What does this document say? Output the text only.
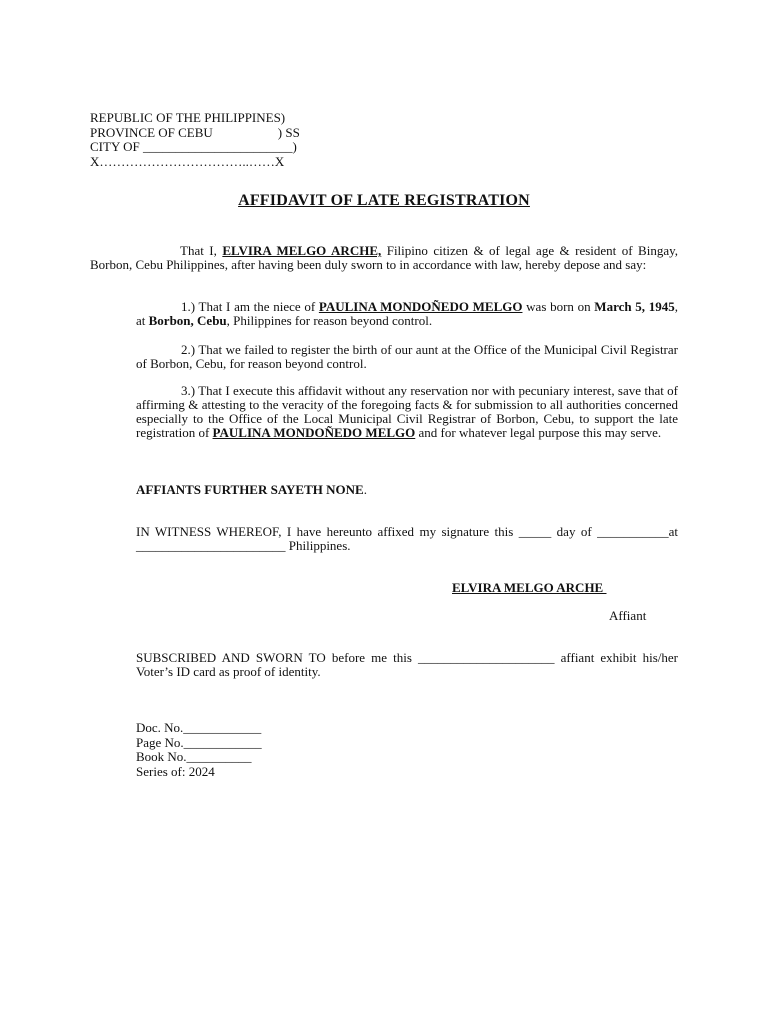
REPUBLIC OF THE PHILIPPINES)
PROVINCE OF CEBU                    ) SS
CITY OF _______________________)
X……………………………..……X
AFFIDAVIT OF LATE REGISTRATION
That I, ELVIRA MELGO ARCHE, Filipino citizen & of legal age & resident of Bingay, Borbon, Cebu Philippines, after having been duly sworn to in accordance with law, hereby depose and say:
1.) That I am the niece of PAULINA MONDOÑEDO MELGO was born on March 5, 1945, at Borbon, Cebu, Philippines for reason beyond control.
2.) That we failed to register the birth of our aunt at the Office of the Municipal Civil Registrar of Borbon, Cebu, for reason beyond control.
3.) That I execute this affidavit without any reservation nor with pecuniary interest, save that of affirming & attesting to the veracity of the foregoing facts & for submission to all authorities concerned especially to the Office of the Local Municipal Civil Registrar of Borbon, Cebu, to support the late registration of PAULINA MONDOÑEDO MELGO and for whatever legal purpose this may serve.
AFFIANTS FURTHER SAYETH NONE.
IN WITNESS WHEREOF, I have hereunto affixed my signature this _____ day of ___________at _______________________ Philippines.
ELVIRA MELGO ARCHE
Affiant
SUBSCRIBED AND SWORN TO before me this _____________________ affiant exhibit his/her Voter’s ID card as proof of identity.
Doc. No.____________
Page No.____________
Book No.__________
Series of: 2024
